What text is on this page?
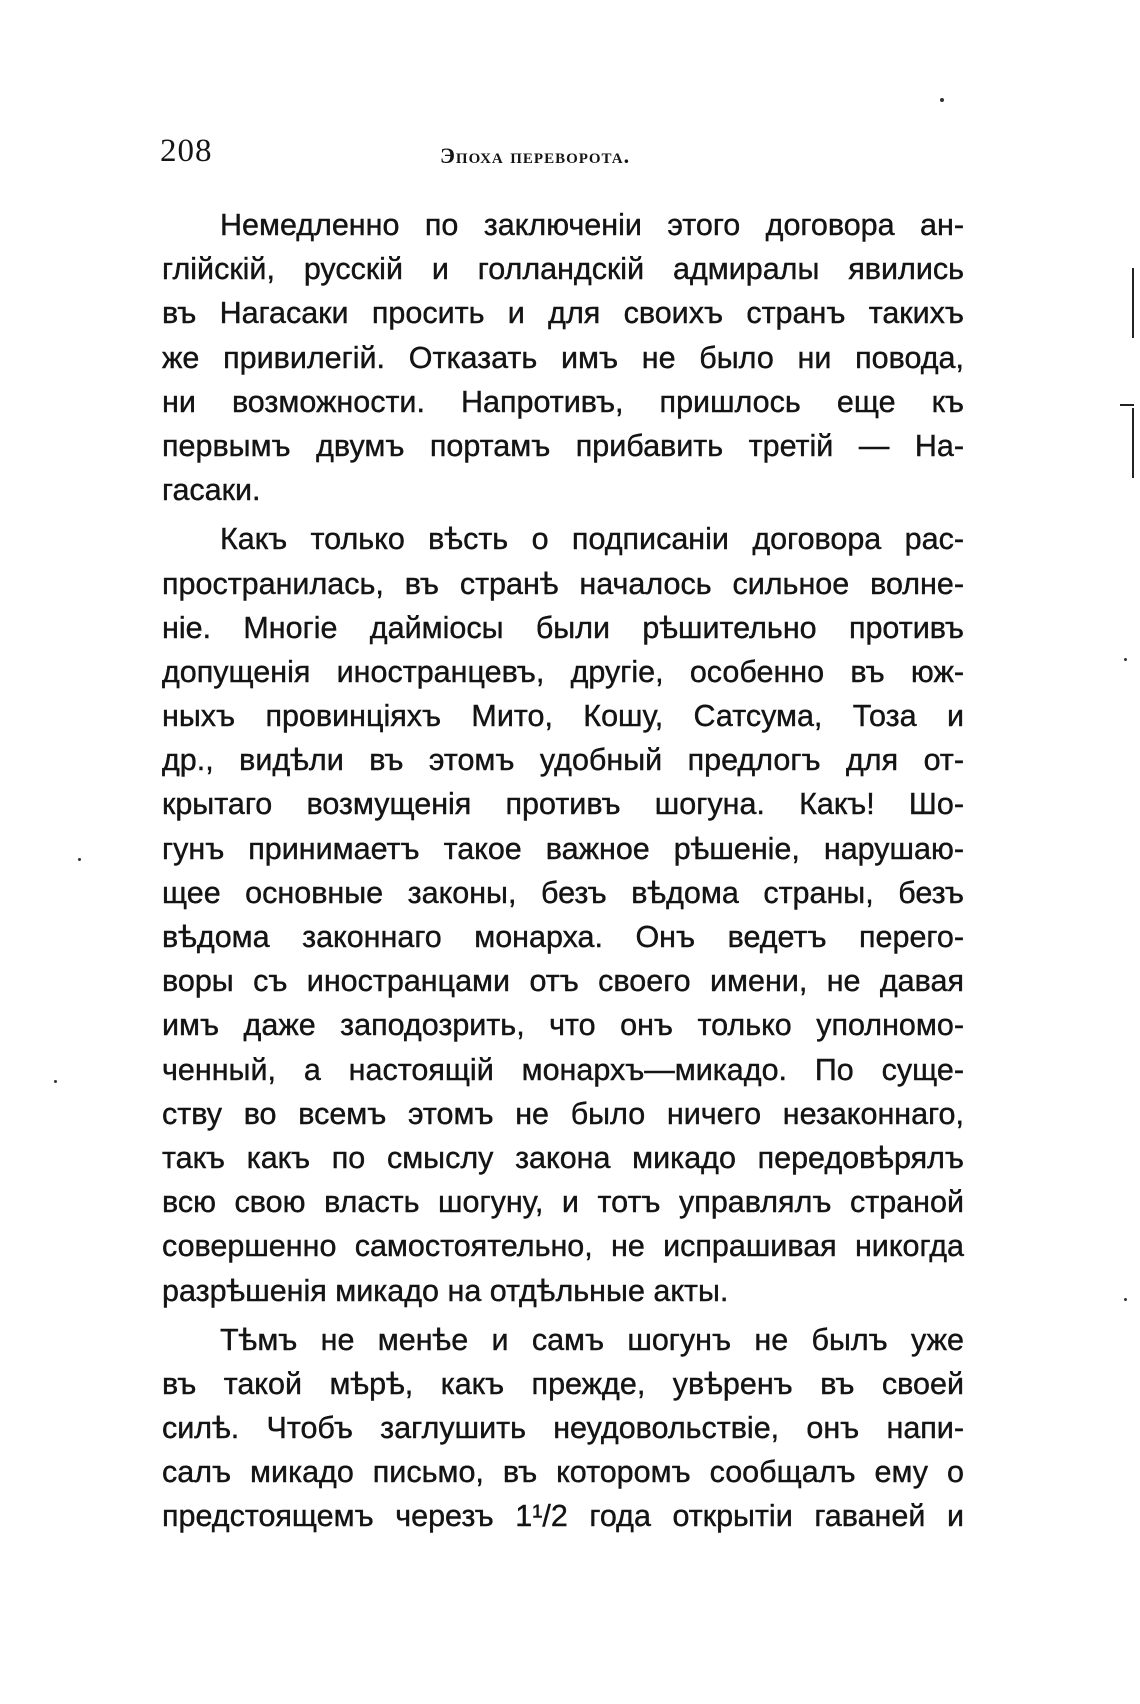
208	Эпоха переворота.
Немедленно по заключенiи этого договора ан-
глiйскiй, русскiй и голландскiй адмиралы явились
въ Нагасаки просить и для своихъ странъ такихъ
же привилегiй. Отказать имъ не было ни повода,
ни возможности. Напротивъ, пришлось еще къ
первымъ двумъ портамъ прибавить третiй — На-
гасаки.
Какъ только вѣсть о подписанiи договора рас-
пространилась, въ странѣ началось сильное волне-
нiе. Многiе даймiосы были рѣшительно противъ
допущенiя иностранцевъ, другiе, особенно въ юж-
ныхъ провинцiяхъ Мито, Кошу, Сатсума, Тоза и
др., видѣли въ этомъ удобный предлогъ для от-
крытаго возмущенiя противъ шогуна. Какъ! Шо-
гунъ принимаетъ такое важное рѣшенiе, нарушаю-
щее основные законы, безъ вѣдома страны, безъ
вѣдома законнаго монарха. Онъ ведетъ перего-
воры съ иностранцами отъ своего имени, не давая
имъ даже заподозрить, что онъ только уполномо-
ченный, а настоящiй монархъ—микадо. По суще-
ству во всемъ этомъ не было ничего незаконнаго,
такъ какъ по смыслу закона микадо передовѣрялъ
всю свою власть шогуну, и тотъ управлялъ страной
совершенно самостоятельно, не испрашивая никогда
разрѣшенiя микадо на отдѣльные акты.
Тѣмъ не менѣе и самъ шогунъ не былъ уже
въ такой мѣрѣ, какъ прежде, увѣренъ въ своей
силѣ. Чтобъ заглушить неудовольствiе, онъ напи-
салъ микадо письмо, въ которомъ сообщалъ ему о
предстоящемъ черезъ 1¹/2 года открытiи гаваней и
